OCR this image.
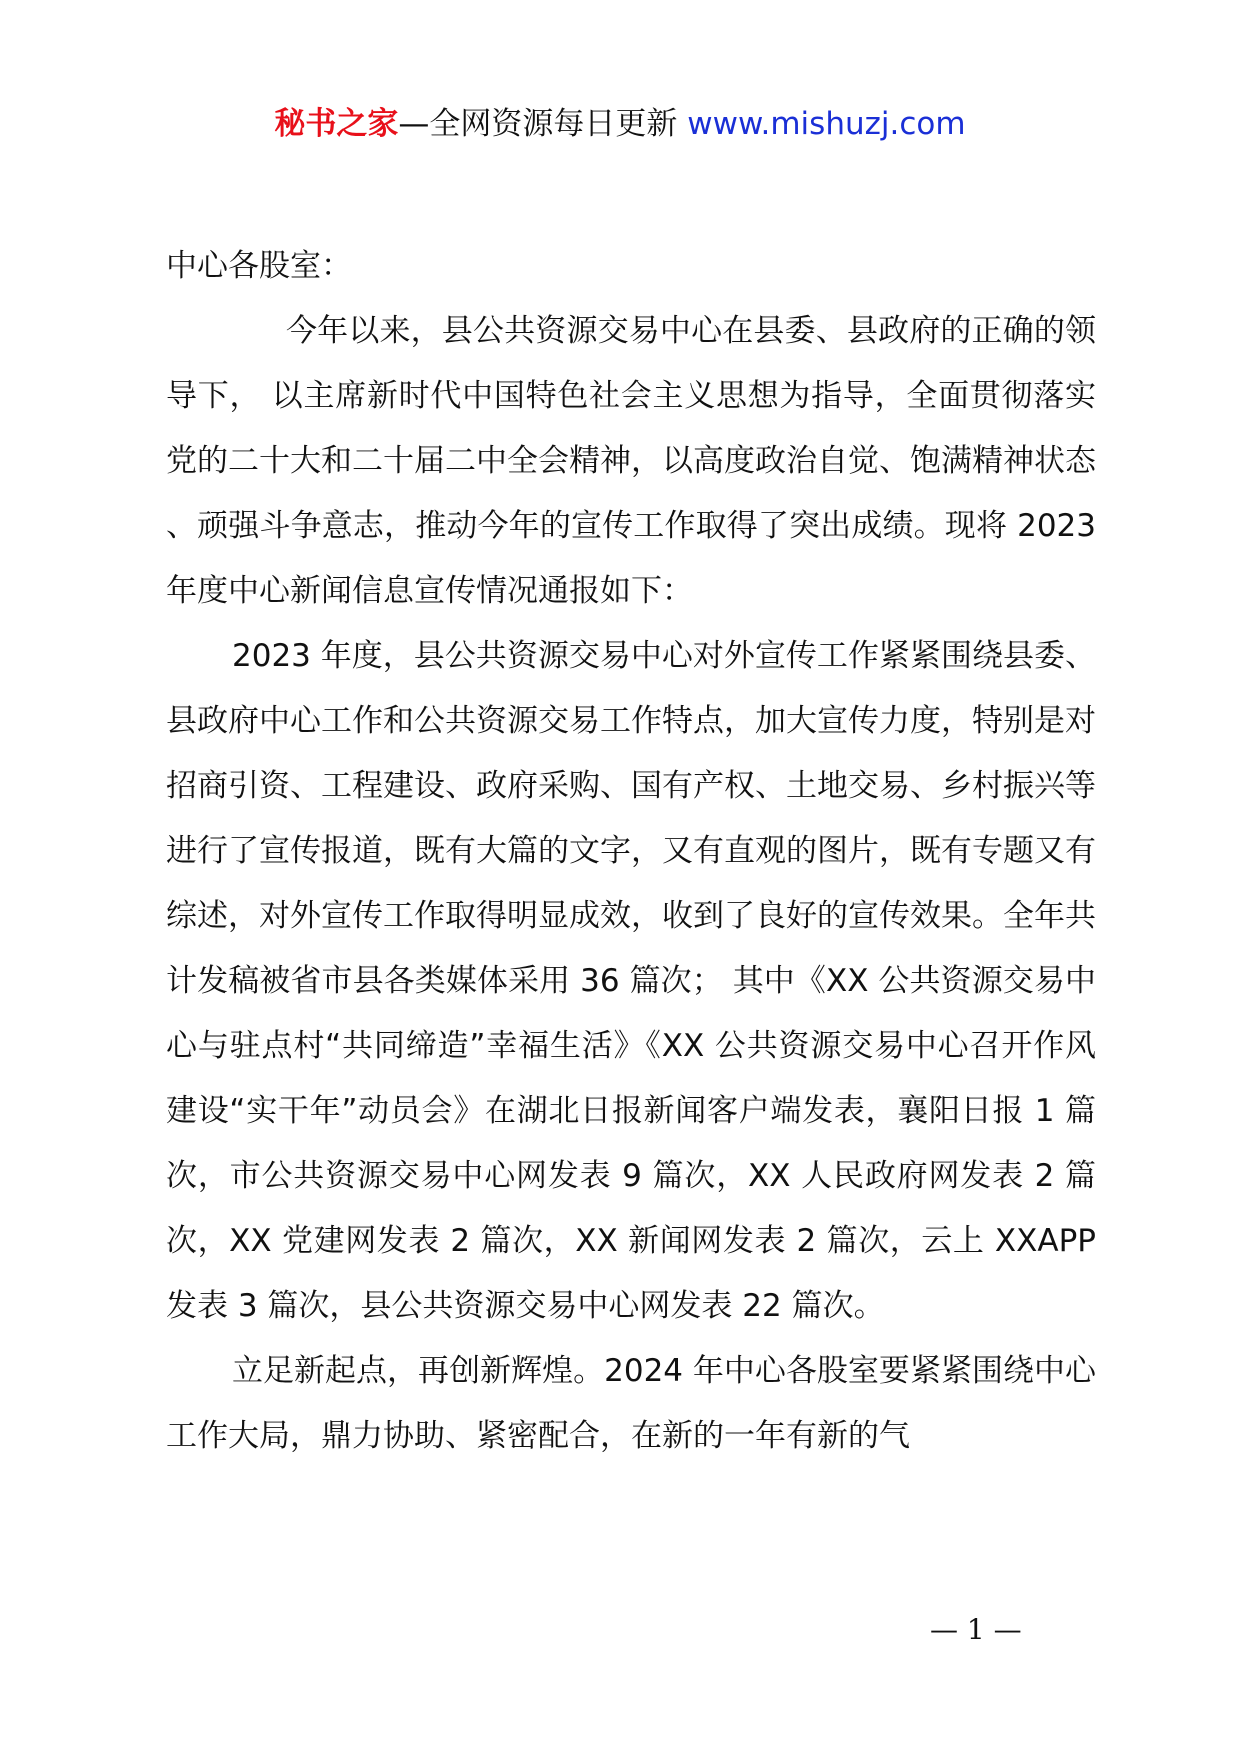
秘书之家—全网资源每日更新 www.mishuzj.com

中心各股室：

今年以来，县公共资源交易中心在县委、县政府的正确的领导下， 以主席新时代中国特色社会主义思想为指导，全面贯彻落实党的二十大和二十届二中全会精神，以高度政治自觉、饱满精神状态、顽强斗争意志，推动今年的宣传工作取得了突出成绩。现将 2023 年度中心新闻信息宣传情况通报如下：

2023 年度，县公共资源交易中心对外宣传工作紧紧围绕县委、县政府中心工作和公共资源交易工作特点，加大宣传力度，特别是对招商引资、工程建设、政府采购、国有产权、土地交易、乡村振兴等进行了宣传报道，既有大篇的文字，又有直观的图片，既有专题又有综述，对外宣传工作取得明显成效，收到了良好的宣传效果。全年共计发稿被省市县各类媒体采用 36 篇次； 其中《XX 公共资源交易中心与驻点村“共同缔造”幸福生活》《XX 公共资源交易中心召开作风建设“实干年”动员会》在湖北日报新闻客户端发表，襄阳日报 1 篇次，市公共资源交易中心网发表 9 篇次，XX 人民政府网发表 2 篇次，XX 党建网发表 2 篇次，XX 新闻网发表 2 篇次，云上 XXAPP 发表 3 篇次，县公共资源交易中心网发表 22 篇次。

立足新起点，再创新辉煌。2024 年中心各股室要紧紧围绕中心工作大局，鼎力协助、紧密配合，在新的一年有新的气

— 1 —
